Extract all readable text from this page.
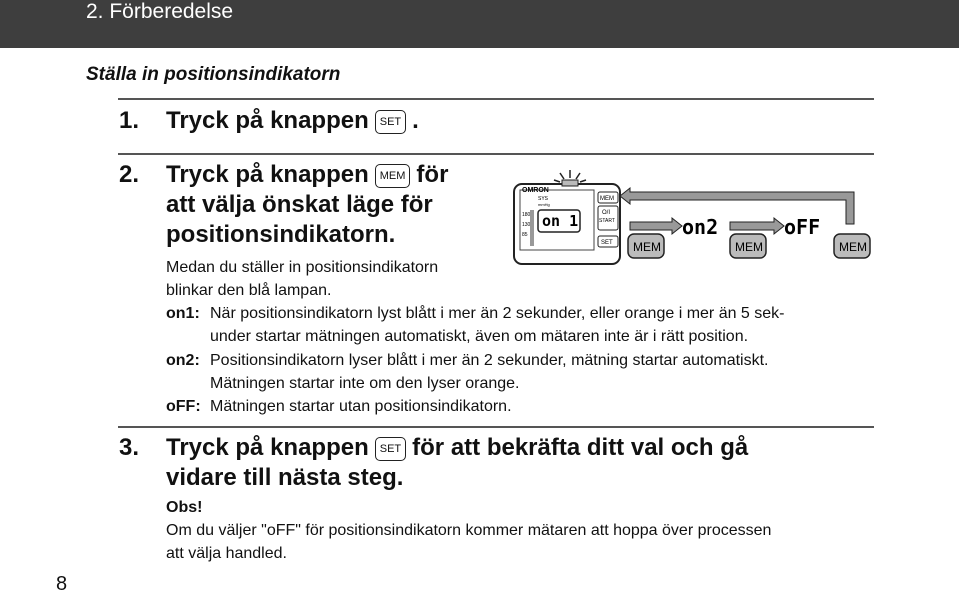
2. Förberedelse
Ställa in positionsindikatorn
1. Tryck på knappen SET .
2. Tryck på knappen MEM för
att välja önskat läge för
positionsindikatorn.
Medan du ställer in positionsindikatorn
blinkar den blå lampan.
OMRON
SYS
mmHg
180
130
85
on 1
MEM
O/I
START
SET
on2	oFF
MEM	MEM	MEM
on1: När positionsindikatorn lyst blått i mer än 2 sekunder, eller orange i mer än 5 sek-
under startar mätningen automatiskt, även om mätaren inte är i rätt position.
on2: Positionsindikatorn lyser blått i mer än 2 sekunder, mätning startar automatiskt.
Mätningen startar inte om den lyser orange.
oFF: Mätningen startar utan positionsindikatorn.
3. Tryck på knappen SET för att bekräfta ditt val och gå
vidare till nästa steg.
Obs!
Om du väljer "oFF" för positionsindikatorn kommer mätaren att hoppa över processen
att välja handled.
8
